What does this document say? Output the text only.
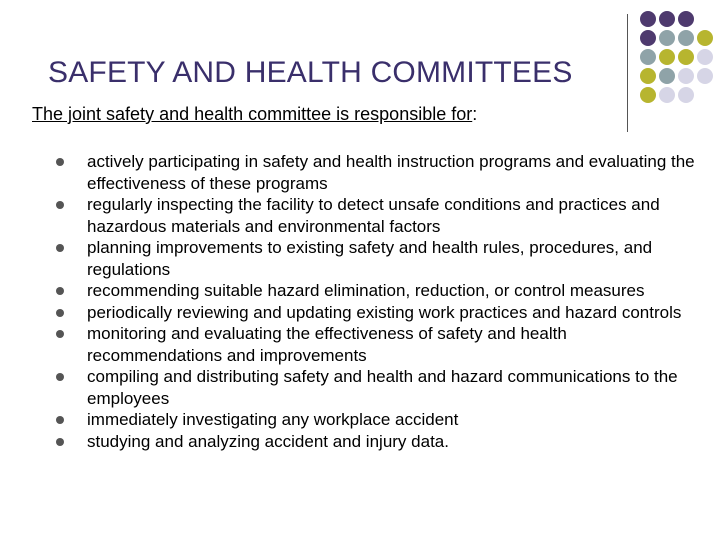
SAFETY AND HEALTH COMMITTEES
The joint safety and health committee is responsible for:
actively participating in safety and health instruction programs and evaluating the effectiveness of these programs
regularly inspecting the facility to detect unsafe conditions and practices and hazardous materials and environmental factors
planning improvements to existing safety and health rules, procedures, and regulations
recommending suitable hazard elimination, reduction, or control measures
periodically reviewing and updating existing work practices and hazard controls
monitoring and evaluating the effectiveness of safety and health recommendations and improvements
compiling and distributing safety and health and hazard communications to the employees
immediately investigating any workplace accident
studying and analyzing accident and injury data.
